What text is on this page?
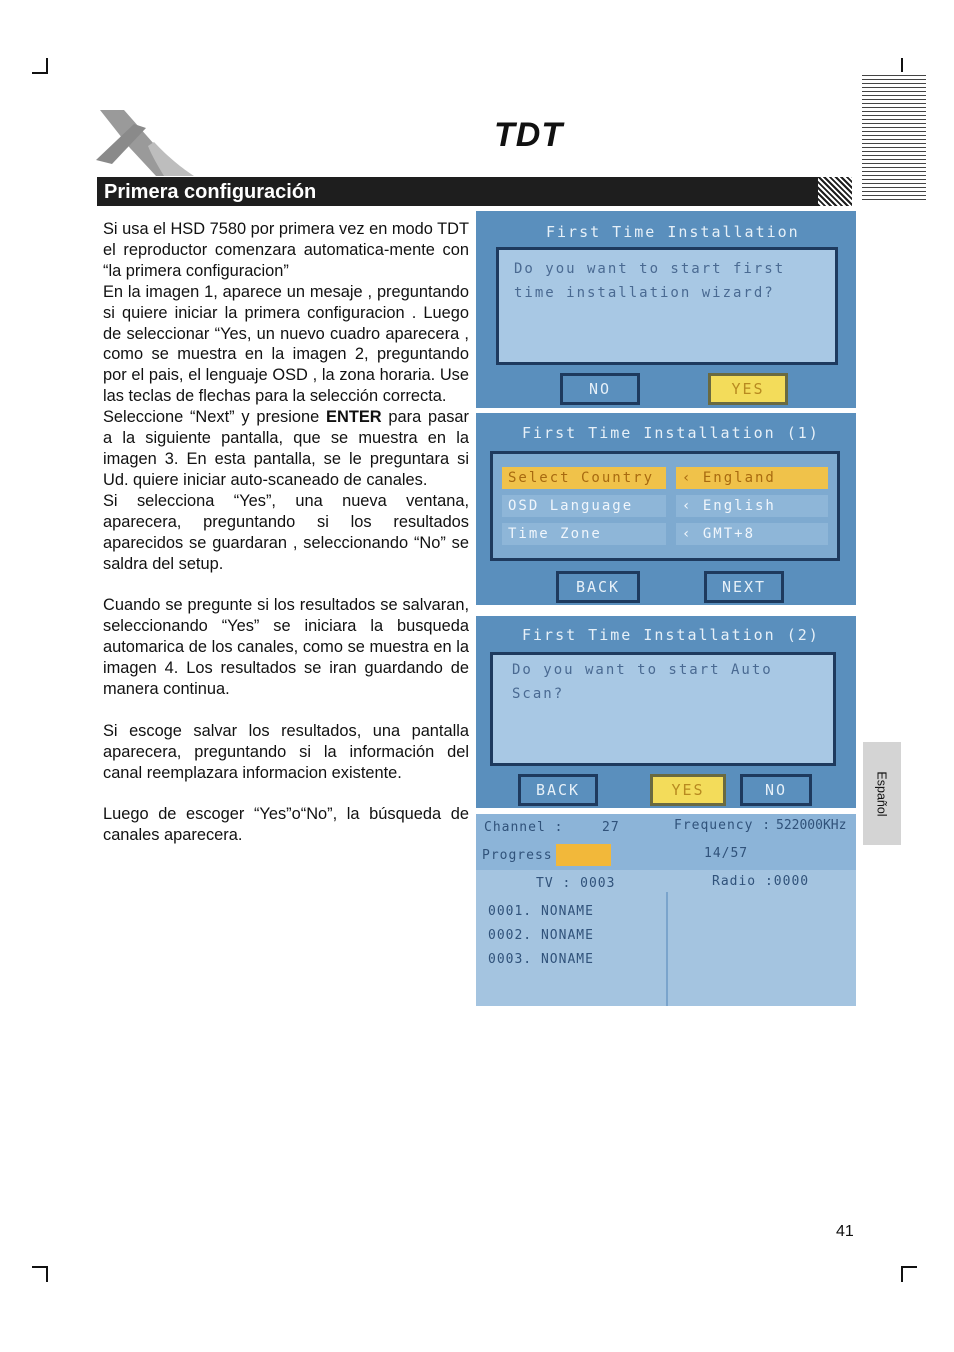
TDT
Primera configuración

Si usa el HSD 7580 por primera vez en modo TDT el reproductor comenzara automatica-mente con “la primera configuracion”

En la imagen 1, aparece un mesaje , preguntando si quiere iniciar la primera configuracion . Luego de seleccionar “Yes, un nuevo cuadro aparecera , como se muestra en la imagen 2, preguntando por el pais, el lenguaje OSD , la zona horaria. Use las teclas de flechas para la selección correcta.

Seleccione “Next” y presione ENTER para pasar a la siguiente pantalla, que se muestra en la imagen 3. En esta pantalla, se le preguntara si Ud. quiere iniciar auto-scaneado de canales.

Si selecciona “Yes”, una nueva ventana, aparecera, preguntando si los resultados aparecidos se guardaran , seleccionando “No” se saldra del setup.

Cuando se pregunte si los resultados se salvaran, seleccionando “Yes” se iniciara la busqueda automarica de los canales, como se muestra en la imagen 4. Los resultados se iran guardando de manera continua.

Si escoge salvar los resultados, una pantalla aparecera, preguntando si la información del canal reemplazara informacion existente.

Luego de escoger “Yes”o“No”, la búsqueda de canales aparecera.

First Time Installation
Do you want to start first
time installation wizard?
NO	YES
First Time Installation (1)
Select Country	‹ England
OSD Language	‹ English
Time Zone	‹ GMT+8
BACK	NEXT
First Time Installation (2)
Do you want to start Auto
Scan?
BACK	YES	NO
Channel :	27	Frequency : 522000KHz
Progress	14/57
TV : 0003	Radio :0000
0001. NONAME
0002. NONAME
0003. NONAME
Español
41
